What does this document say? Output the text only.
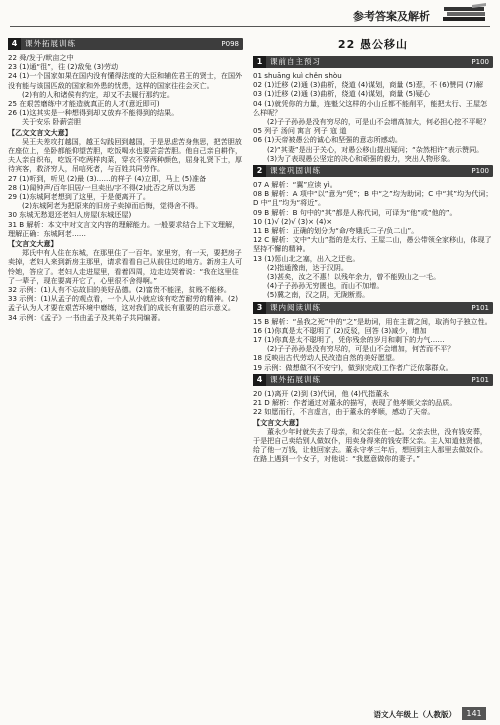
参考答案及解析
4	课外拓展训练	P098

22 舜/发于/畎亩之中

23 (1)通“徂”，往 (2)敌兔 (3)劳动

24 (1)一个国家如果在国内没有懂得法度的大臣和辅佐君王的贤士，在国外没有能与该国匹敌的国家和外患的忧患，这样的国家往往会灭亡。

(2)有的人和诸侯有约定，却又不去履行那约定。

25 在艰苦磨练中才能造就真正的人才(意近即可)

26 (1)这其实是一种想得到却又放弃不能得到的结果。

关于安乐 卧薪尝胆

【乙文文言文大意】

吴王夫差攻打越国，越王勾践回到越国，于是思虑苦身焦思，把苦胆放在座位上，坐卧都能仰望苦胆，吃饭喝水也要尝尝苦胆。他自己亲自耕作，夫人亲自织布，吃饭不吃两样肉菜，穿衣不穿两种颜色，屈身礼贤下士，厚待宾客，救济穷人，吊唁死者，与百姓共同劳作。

27 (1)听到，听见 (2)最 (3)……的样子 (4)立即，马上 (5)准备

28 (1)闻钟声/百年旧居/一旦卖出/字不得(2)此否之所以为恶

29 (1)东城阿老想到了这里，于是便离开了。

(2)东城阿老为把原来的旧房子卖掉而后悔，觉得舍不得。

30 东城无愁退还老妇人房屋(东城还屋)

31 B 解析：本文中对文言文内容的理解能力。一般要求结合上下文理解，理解正确：东城阿老……

【文言文大意】

郑氏中有人住在东城，在那里住了一百年。家里穷，有一天，要把房子卖掉，老妇人来到新房主那里，请求看看自己从前住过的地方。新房主人可怜她，答应了。老妇人走进屋里，看着四周，边走边哭着说：“我在这里住了一辈子，现在要离开它了，心里很不舍得啊。”

32 示例：(1)人有不忘故旧的美好品德。(2)富贵不能淫，贫贱不能移。

33 示例：(1)从孟子的观点看，一个人从小就应该有吃苦耐劳的精神。(2)孟子认为人才要在艰苦环境中磨练，这对我们的成长有重要的启示意义。

34 示例：《孟子》一书由孟子及其弟子共同编著。

22 愚公移山
1	课前自主预习	P100

01 shuāng kuì chěn shòu

02 (1)迁移 (2)通 (3)曲析，绕道 (4)谋划，商量 (5)惹，不 (6)赞同 (7)解

03 (1)迁移 (2)通 (3)曲析，绕道 (4)谋划，商量 (5)疑心

04 (1)就凭你的力量，连魁父这样的小山丘都不能削平，能把太行、王屋怎么样呢？

(2)子子孙孙是没有穷尽的，可是山不会增高加大，何必担心挖不平呢？

05 列子 汤问 寓言 列子 寇 道

06 (1)天帝被愚公的诚心和坚强的意志所感动。

(2)“其妻”是出于关心，对愚公移山提出疑问；“杂然相许”表示赞同。

(3)为了表现愚公坚定的决心和顽强的毅力，突出人物形象。

2	课堂巩固训练	P100

07 A 解析：“翼”应读 yì。

08 B 解析：A 项中“以”意为“凭”；B 中“之”均为助词；C 中“其”均为代词；D 中“且”均为“将近”。

09 B 解析：B 句中的“其”都是人称代词，可译为“他”或“他的”。

10 (1)√ (2)√ (3)× (4)×

11 B 解析：正确的划分为“命/夸娥氏二子/负二山”。

12 C 解析：文中“大山”指的是太行、王屋二山，愚公带领全家移山，体现了坚持不懈的精神。

13 (1)惩山北之塞，出入之迂也。

(2)指通豫南，达于汉阴。

(3)甚矣，汝之不惠！以残年余力，曾不能毁山之一毛。

(4)子子孙孙无穷匮也，而山不加增。

(5)冀之南，汉之阴，无陇断焉。

3	课内阅读训练	P101

15 B 解析：“虽我之死”中的“之”是助词，用在主谓之间，取消句子独立性。

16 (1)你真是太不聪明了 (2)反驳，回答 (3)减少，增加

17 (1)你真是太不聪明了，凭你残余的岁月和剩下的力气……

(2)子子孙孙是没有穷尽的，可是山不会增加，何苦而不平？

18 反映出古代劳动人民改造自然的美好愿望。

19 示例：做想做不(不安宁)，做到(完成)工作者广泛依靠群众。

4	课外拓展训练	P101

20 (1)离开 (2)到 (3)代词，他 (4)代指董永

21 D 解析：作者通过对董永的描写，表现了他孝顺父亲的品质。

22 如愿而行，不言虚言，由于董永的孝顺，感动了天帝。

【文言文大意】

董永少年时就失去了母亲，和父亲住在一起。父亲去世，没有钱安葬，于是把自己卖给别人做奴仆，用卖身得来的钱安葬父亲。主人知道他贤德，给了他一万钱，让他回家去。董永守孝三年后，想回到主人那里去做奴仆。在路上遇到一个女子，对他说：“我愿意做你的妻子。”

语文人年级上（人教版）	141
